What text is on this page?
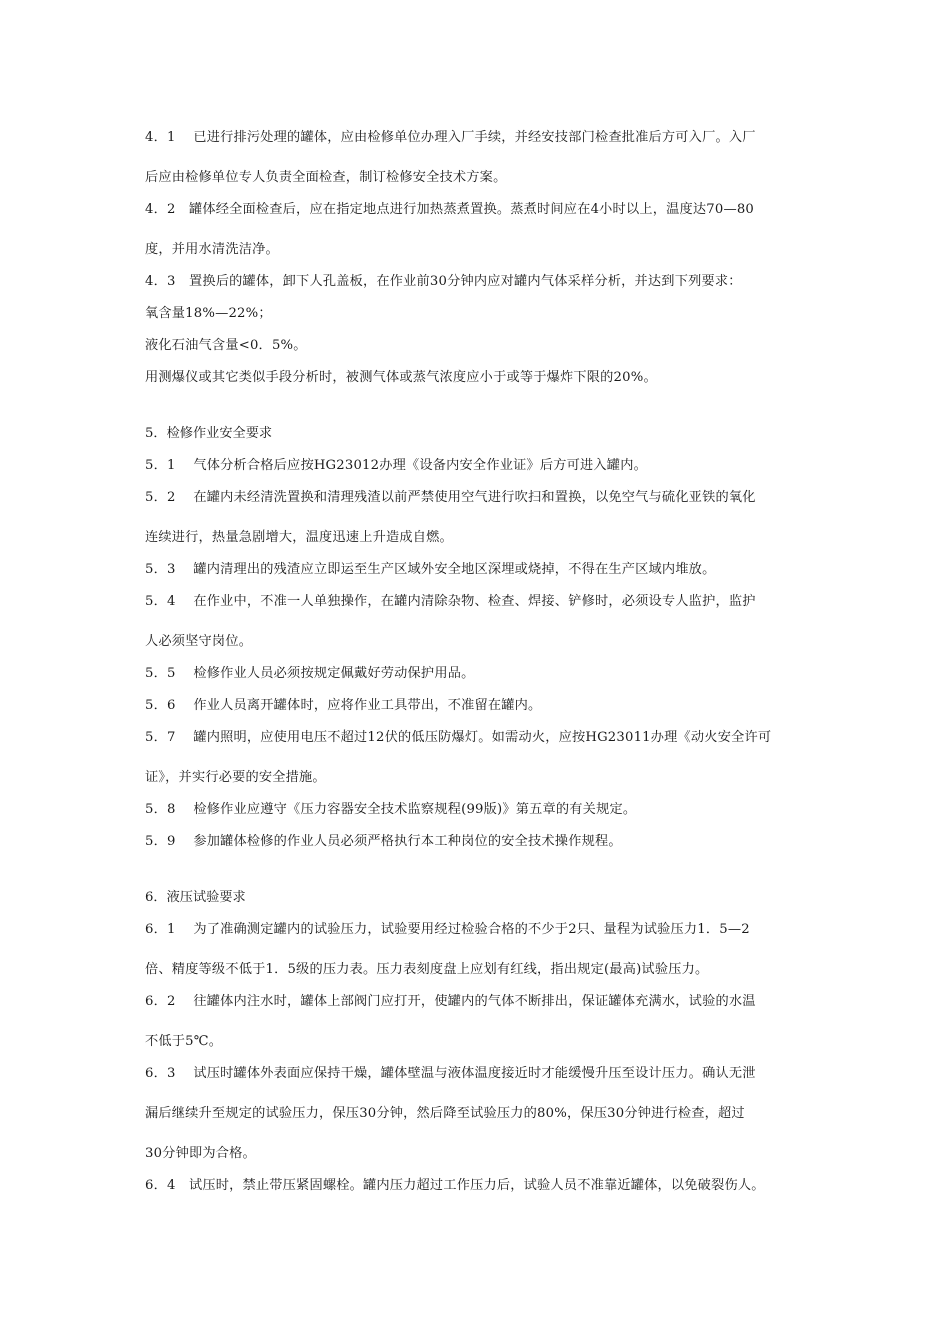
4．1　 已进行排污处理的罐体，应由检修单位办理入厂手续，并经安技部门检查批准后方可入厂。入厂

后应由检修单位专人负责全面检查，制订检修安全技术方案。

4．2　罐体经全面检查后，应在指定地点进行加热蒸煮置换。蒸煮时间应在4小时以上，温度达70—80

度，并用水清洗洁净。

4．3　置换后的罐体，卸下人孔盖板，在作业前30分钟内应对罐内气体采样分析，并达到下列要求：

氧含量18%—22%；

液化石油气含量<0．5%。

用测爆仪或其它类似手段分析时，被测气体或蒸气浓度应小于或等于爆炸下限的20%。

5．检修作业安全要求

5．1　 气体分析合格后应按HG23012办理《设备内安全作业证》后方可进入罐内。

5．2　 在罐内未经清洗置换和清理残渣以前严禁使用空气进行吹扫和置换，以免空气与硫化亚铁的氧化

连续进行，热量急剧增大，温度迅速上升造成自燃。

5．3　 罐内清理出的残渣应立即运至生产区域外安全地区深埋或烧掉，不得在生产区域内堆放。

5．4　 在作业中，不准一人单独操作，在罐内清除杂物、检查、焊接、铲修时，必须设专人监护，监护

人必须坚守岗位。

5．5　 检修作业人员必须按规定佩戴好劳动保护用品。

5．6　 作业人员离开罐体时，应将作业工具带出，不准留在罐内。

5．7　 罐内照明，应使用电压不超过12伏的低压防爆灯。如需动火，应按HG23011办理《动火安全许可

证》，并实行必要的安全措施。

5．8　 检修作业应遵守《压力容器安全技术监察规程(99版)》第五章的有关规定。

5．9　 参加罐体检修的作业人员必须严格执行本工种岗位的安全技术操作规程。

6．液压试验要求

6．1　 为了准确测定罐内的试验压力，试验要用经过检验合格的不少于2只、量程为试验压力1．5—2

倍、精度等级不低于1．5级的压力表。压力表刻度盘上应划有红线，指出规定(最高)试验压力。

6．2　 往罐体内注水时，罐体上部阀门应打开，使罐内的气体不断排出，保证罐体充满水，试验的水温

不低于5℃。

6．3　 试压时罐体外表面应保持干燥，罐体壁温与液体温度接近时才能缓慢升压至设计压力。确认无泄

漏后继续升至规定的试验压力，保压30分钟，然后降至试验压力的80%，保压30分钟进行检查，超过

30分钟即为合格。

6．4　试压时，禁止带压紧固螺栓。罐内压力超过工作压力后，试验人员不准靠近罐体，以免破裂伤人。
